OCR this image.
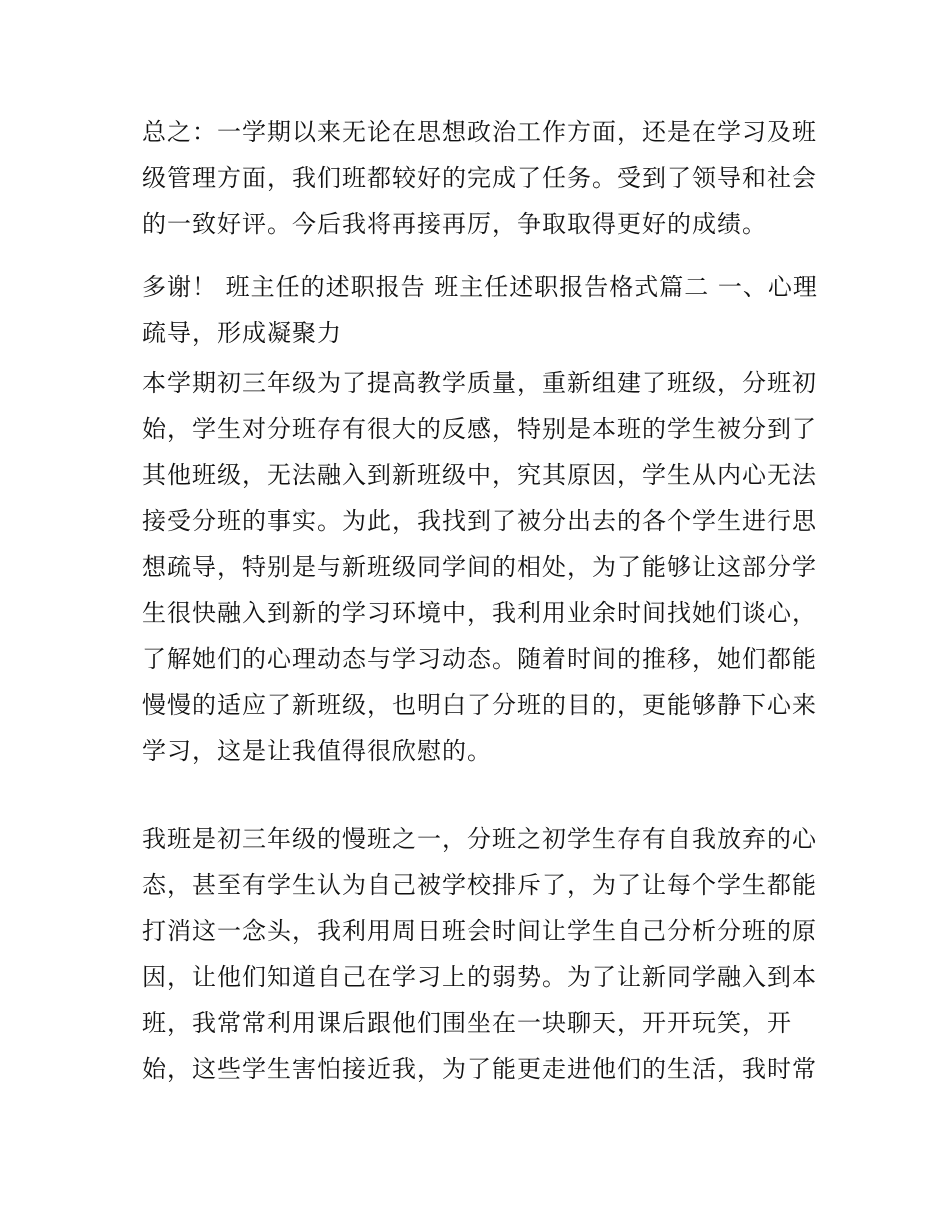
总之：一学期以来无论在思想政治工作方面，还是在学习及班
级管理方面，我们班都较好的完成了任务。受到了领导和社会
的一致好评。今后我将再接再厉，争取取得更好的成绩。
多谢！ 班主任的述职报告 班主任述职报告格式篇二 一、心理
疏导，形成凝聚力
本学期初三年级为了提高教学质量，重新组建了班级，分班初
始，学生对分班存有很大的反感，特别是本班的学生被分到了
其他班级，无法融入到新班级中，究其原因，学生从内心无法
接受分班的事实。为此，我找到了被分出去的各个学生进行思
想疏导，特别是与新班级同学间的相处，为了能够让这部分学
生很快融入到新的学习环境中，我利用业余时间找她们谈心，
了解她们的心理动态与学习动态。随着时间的推移，她们都能
慢慢的适应了新班级，也明白了分班的目的，更能够静下心来
学习，这是让我值得很欣慰的。
我班是初三年级的慢班之一，分班之初学生存有自我放弃的心
态，甚至有学生认为自己被学校排斥了，为了让每个学生都能
打消这一念头，我利用周日班会时间让学生自己分析分班的原
因，让他们知道自己在学习上的弱势。为了让新同学融入到本
班，我常常利用课后跟他们围坐在一块聊天，开开玩笑，开
始，这些学生害怕接近我，为了能更走进他们的生活，我时常
